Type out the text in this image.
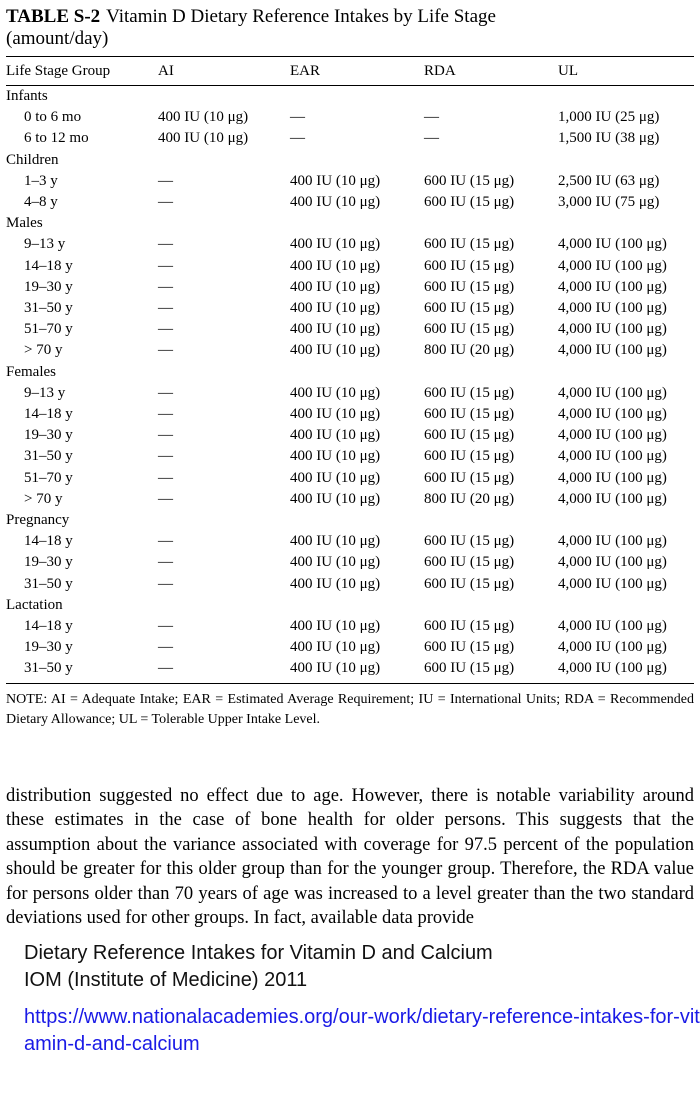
TABLE S-2 Vitamin D Dietary Reference Intakes by Life Stage
(amount/day)
Life Stage Group	AI	EAR	RDA	UL
Infants				
0 to 6 mo	400 IU (10 μg)	—	—	1,000 IU (25 μg)
6 to 12 mo	400 IU (10 μg)	—	—	1,500 IU (38 μg)
Children				
1–3 y	—	400 IU (10 μg)	600 IU (15 μg)	2,500 IU (63 μg)
4–8 y	—	400 IU (10 μg)	600 IU (15 μg)	3,000 IU (75 μg)
Males				
9–13 y	—	400 IU (10 μg)	600 IU (15 μg)	4,000 IU (100 μg)
14–18 y	—	400 IU (10 μg)	600 IU (15 μg)	4,000 IU (100 μg)
19–30 y	—	400 IU (10 μg)	600 IU (15 μg)	4,000 IU (100 μg)
31–50 y	—	400 IU (10 μg)	600 IU (15 μg)	4,000 IU (100 μg)
51–70 y	—	400 IU (10 μg)	600 IU (15 μg)	4,000 IU (100 μg)
> 70 y	—	400 IU (10 μg)	800 IU (20 μg)	4,000 IU (100 μg)
Females				
9–13 y	—	400 IU (10 μg)	600 IU (15 μg)	4,000 IU (100 μg)
14–18 y	—	400 IU (10 μg)	600 IU (15 μg)	4,000 IU (100 μg)
19–30 y	—	400 IU (10 μg)	600 IU (15 μg)	4,000 IU (100 μg)
31–50 y	—	400 IU (10 μg)	600 IU (15 μg)	4,000 IU (100 μg)
51–70 y	—	400 IU (10 μg)	600 IU (15 μg)	4,000 IU (100 μg)
> 70 y	—	400 IU (10 μg)	800 IU (20 μg)	4,000 IU (100 μg)
Pregnancy				
14–18 y	—	400 IU (10 μg)	600 IU (15 μg)	4,000 IU (100 μg)
19–30 y	—	400 IU (10 μg)	600 IU (15 μg)	4,000 IU (100 μg)
31–50 y	—	400 IU (10 μg)	600 IU (15 μg)	4,000 IU (100 μg)
Lactation				
14–18 y	—	400 IU (10 μg)	600 IU (15 μg)	4,000 IU (100 μg)
19–30 y	—	400 IU (10 μg)	600 IU (15 μg)	4,000 IU (100 μg)
31–50 y	—	400 IU (10 μg)	600 IU (15 μg)	4,000 IU (100 μg)
NOTE: AI = Adequate Intake; EAR = Estimated Average Requirement; IU = International Units; RDA = Recommended Dietary Allowance; UL = Tolerable Upper Intake Level.
distribution suggested no effect due to age. However, there is notable variability around these estimates in the case of bone health for older persons. This suggests that the assumption about the variance associated with coverage for 97.5 percent of the population should be greater for this older group than for the younger group. Therefore, the RDA value for persons older than 70 years of age was increased to a level greater than the two standard deviations used for other groups. In fact, available data provide
Dietary Reference Intakes for Vitamin D and Calcium
IOM (Institute of Medicine) 2011
https://www.nationalacademies.org/our-work/dietary-reference-intakes-for-vitamin-d-and-calcium
